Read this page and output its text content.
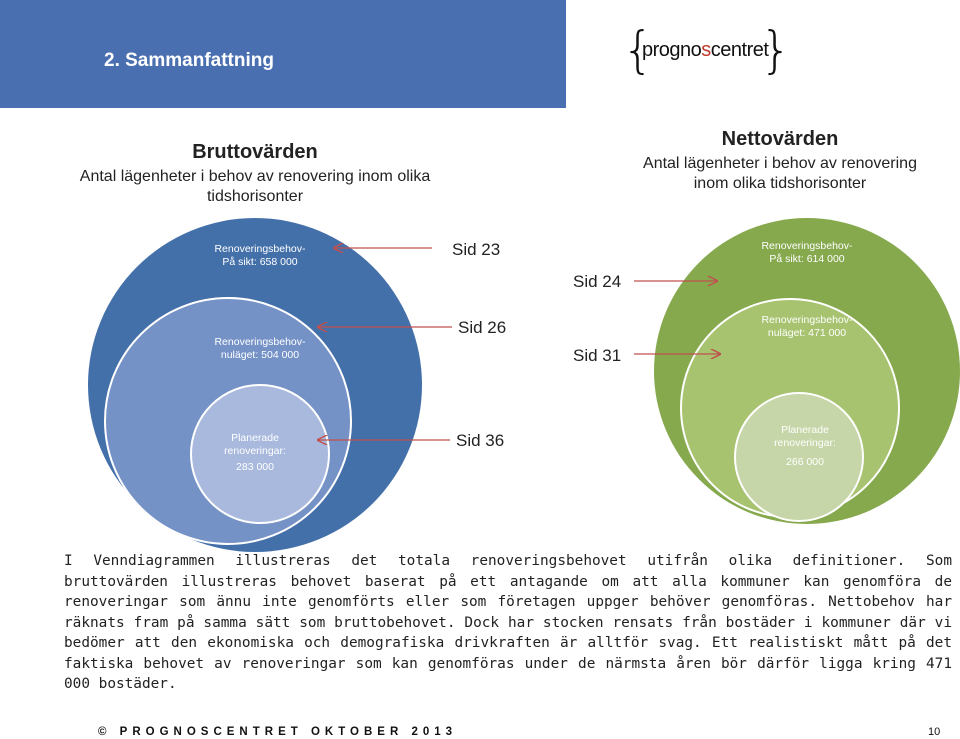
2. Sammanfattning	{
prognoscentret
}
Bruttovärden
Antal lägenheter i behov av renovering inom olika
tidshorisonter
Nettovärden
Antal lägenheter i behov av renovering
inom olika tidshorisonter
Renoveringsbehov-
På sikt: 658 000
Renoveringsbehov-
nuläget: 504 000
Planerade
renoveringar:
283 000
Renoveringsbehov-
På sikt: 614 000
Renoveringsbehov-
nuläget: 471 000
Planerade
renoveringar:
266 000
Sid 23
Sid 26
Sid 36
Sid 24
Sid 31
I Venndiagrammen illustreras det totala renoveringsbehovet utifrån olika definitioner. Som bruttovärden illustreras behovet baserat på ett antagande om att alla kommuner kan genomföra de renoveringar som ännu inte genomförts eller som företagen uppger behöver genomföras. Nettobehov har räknats fram på samma sätt som bruttobehovet. Dock har stocken rensats från bostäder i kommuner där vi bedömer att den ekonomiska och demografiska drivkraften är alltför svag. Ett realistiskt mått på det faktiska behovet av renoveringar som kan genomföras under de närmsta åren bör därför ligga kring 471 000 bostäder.
© PROGNOSCENTRET OKTOBER 2013	10
